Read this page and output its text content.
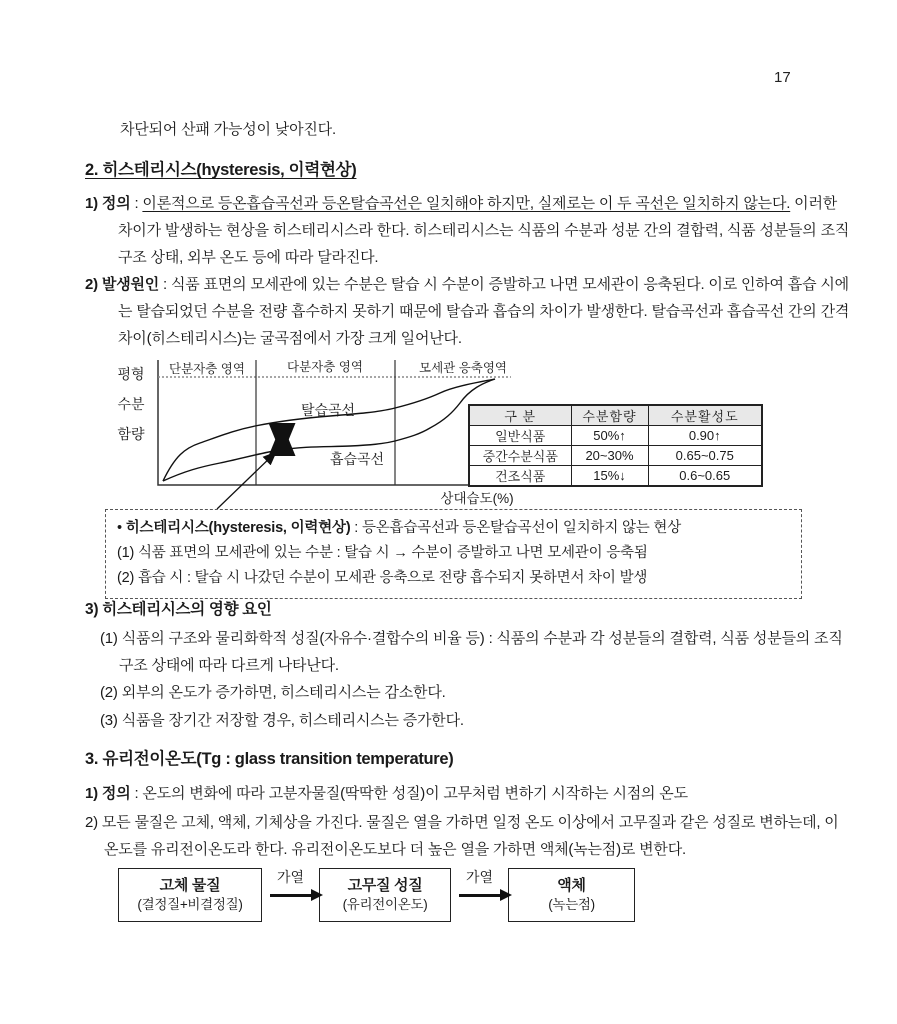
17
차단되어 산패 가능성이 낮아진다.
2. 히스테리시스(hysteresis, 이력현상)
1) 정의 : 이론적으로 등온흡습곡선과 등온탈습곡선은 일치해야 하지만, 실제로는 이 두 곡선은 일치하지 않는다. 이러한 차이가 발생하는 현상을 히스테리시스라 한다. 히스테리시스는 식품의 수분과 성분 간의 결합력, 식품 성분들의 조직구조 상태, 외부 온도 등에 따라 달라진다.
2) 발생원인 : 식품 표면의 모세관에 있는 수분은 탈습 시 수분이 증발하고 나면 모세관이 응축된다. 이로 인하여 흡습 시에는 탈습되었던 수분을 전량 흡수하지 못하기 때문에 탈습과 흡습의 차이가 발생한다. 탈습곡선과 흡습곡선 간의 간격 차이(히스테리시스)는 굴곡점에서 가장 크게 일어난다.
평형
수분
함량
단분자층 영역	다분자층 영역	모세관 응축영역
탈습곡선
흡습곡선
상대습도(%)
구 분	수분함량	수분활성도
일반식품	50%↑	0.90↑
중간수분식품	20~30%	0.65~0.75
건조식품	15%↓	0.6~0.65
• 히스테리시스(hysteresis, 이력현상) : 등온흡습곡선과 등온탈습곡선이 일치하지 않는 현상
(1) 식품 표면의 모세관에 있는 수분 : 탈습 시 → 수분이 증발하고 나면 모세관이 응축됨
(2) 흡습 시 : 탈습 시 나갔던 수분이 모세관 응축으로 전량 흡수되지 못하면서 차이 발생
3) 히스테리시스의 영향 요인
(1) 식품의 구조와 물리화학적 성질(자유수·결합수의 비율 등) : 식품의 수분과 각 성분들의 결합력, 식품 성분들의 조직구조 상태에 따라 다르게 나타난다.
(2) 외부의 온도가 증가하면, 히스테리시스는 감소한다.
(3) 식품을 장기간 저장할 경우, 히스테리시스는 증가한다.
3. 유리전이온도(Tg : glass transition temperature)
1) 정의 : 온도의 변화에 따라 고분자물질(딱딱한 성질)이 고무처럼 변하기 시작하는 시점의 온도
2) 모든 물질은 고체, 액체, 기체상을 가진다. 물질은 열을 가하면 일정 온도 이상에서 고무질과 같은 성질로 변하는데, 이 온도를 유리전이온도라 한다. 유리전이온도보다 더 높은 열을 가하면 액체(녹는점)로 변한다.
고체 물질
(결정질+비결정질)
가열	고무질 성질
(유리전이온도)
가열	액체
(녹는점)
